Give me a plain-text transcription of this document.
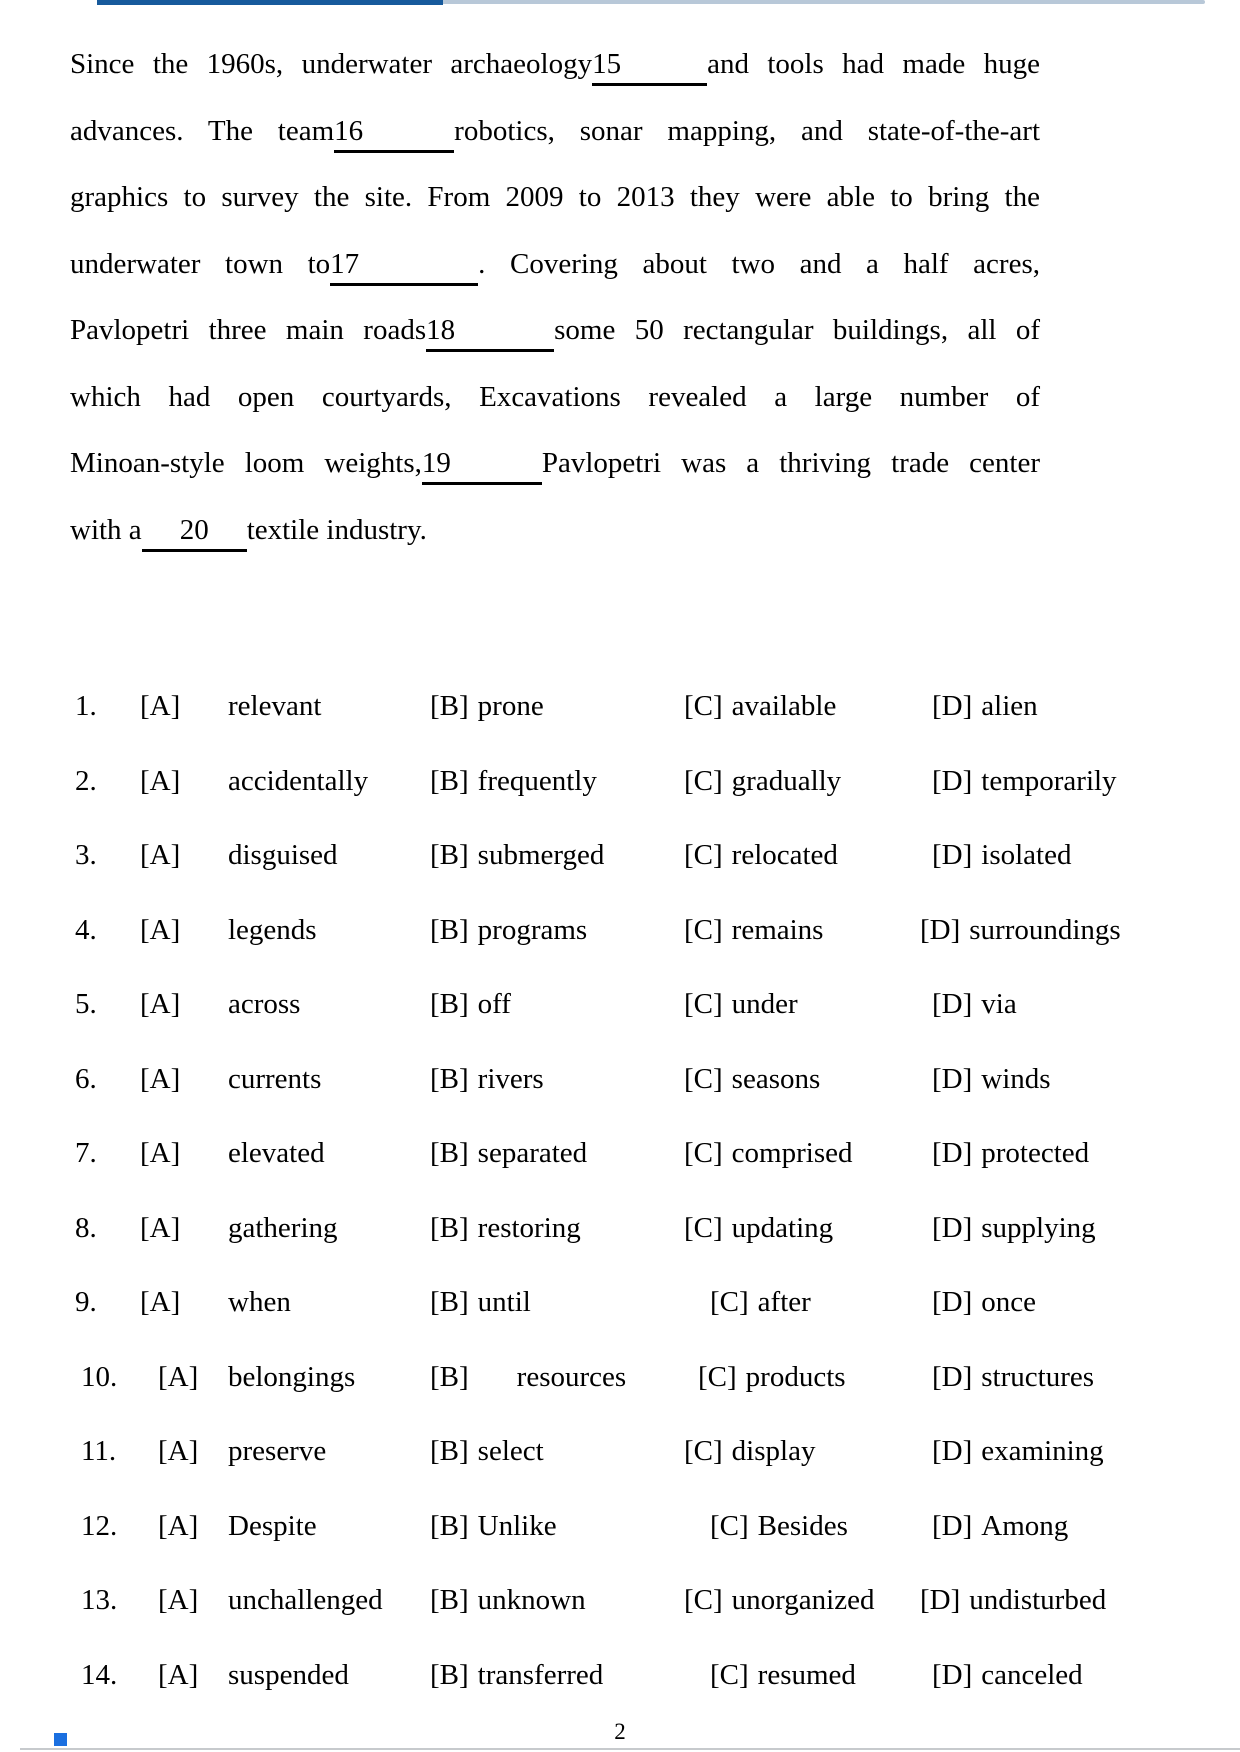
Since the 1960s, underwater archaeology15	and tools had made huge
advances. The team16	robotics, sonar mapping, and state-of-the-art
graphics to survey the site. From 2009 to 2013 they were able to bring the
underwater town to17	. Covering about two and a half acres,
Pavlopetri three main roads18	some 50 rectangular buildings, all of
which had open courtyards, Excavations revealed a large number of
Minoan-style loom weights,19	Pavlopetri was a thriving trade center
with a 20 textile industry.
1.	[A]	relevant	[B] prone	[C] available	[D] alien
2.	[A]	accidentally	[B] frequently	[C] gradually	[D] temporarily
3.	[A]	disguised	[B] submerged	[C] relocated	[D] isolated
4.	[A]	legends	[B] programs	[C] remains	[D] surroundings
5.	[A]	across	[B] off	[C] under	[D] via
6.	[A]	currents	[B] rivers	[C] seasons	[D] winds
7.	[A]	elevated	[B] separated	[C] comprised	[D] protected
8.	[A]	gathering	[B] restoring	[C] updating	[D] supplying
9.	[A]	when	[B] until	[C] after	[D] once
10.	[A]	belongings	[B] resources	[C] products	[D] structures
11.	[A]	preserve	[B] select	[C] display	[D] examining
12.	[A]	Despite	[B] Unlike	[C] Besides	[D] Among
13.	[A]	unchallenged	[B] unknown	[C] unorganized	[D] undisturbed
14.	[A]	suspended	[B] transferred	[C] resumed	[D] canceled
2
